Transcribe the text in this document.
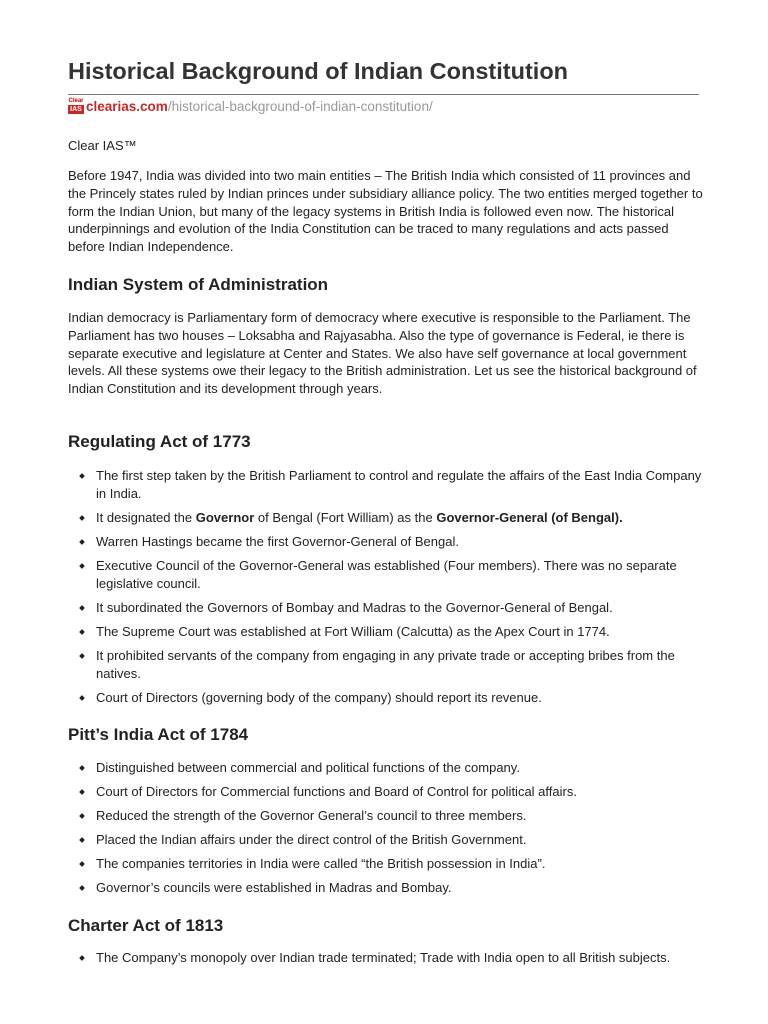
Historical Background of Indian Constitution
Clear
IAS clearias.com/historical-background-of-indian-constitution/

Clear IAS™

Before 1947, India was divided into two main entities – The British India which consisted of 11 provinces and the Princely states ruled by Indian princes under subsidiary alliance policy. The two entities merged together to form the Indian Union, but many of the legacy systems in British India is followed even now. The historical underpinnings and evolution of the India Constitution can be traced to many regulations and acts passed before Indian Independence.

Indian System of Administration

Indian democracy is Parliamentary form of democracy where executive is responsible to the Parliament. The Parliament has two houses – Loksabha and Rajyasabha. Also the type of governance is Federal, ie there is separate executive and legislature at Center and States. We also have self governance at local government levels. All these systems owe their legacy to the British administration. Let us see the historical background of Indian Constitution and its development through years.

Regulating Act of 1773
The first step taken by the British Parliament to control and regulate the affairs of the East India Company in India.
It designated the Governor of Bengal (Fort William) as the Governor-General (of Bengal).
Warren Hastings became the first Governor-General of Bengal.
Executive Council of the Governor-General was established (Four members). There was no separate legislative council.
It subordinated the Governors of Bombay and Madras to the Governor-General of Bengal.
The Supreme Court was established at Fort William (Calcutta) as the Apex Court in 1774.
It prohibited servants of the company from engaging in any private trade or accepting bribes from the natives.
Court of Directors (governing body of the company) should report its revenue.
Pitt’s India Act of 1784
Distinguished between commercial and political functions of the company.
Court of Directors for Commercial functions and Board of Control for political affairs.
Reduced the strength of the Governor General’s council to three members.
Placed the Indian affairs under the direct control of the British Government.
The companies territories in India were called “the British possession in India”.
Governor’s councils were established in Madras and Bombay.
Charter Act of 1813
The Company’s monopoly over Indian trade terminated; Trade with India open to all British subjects.
